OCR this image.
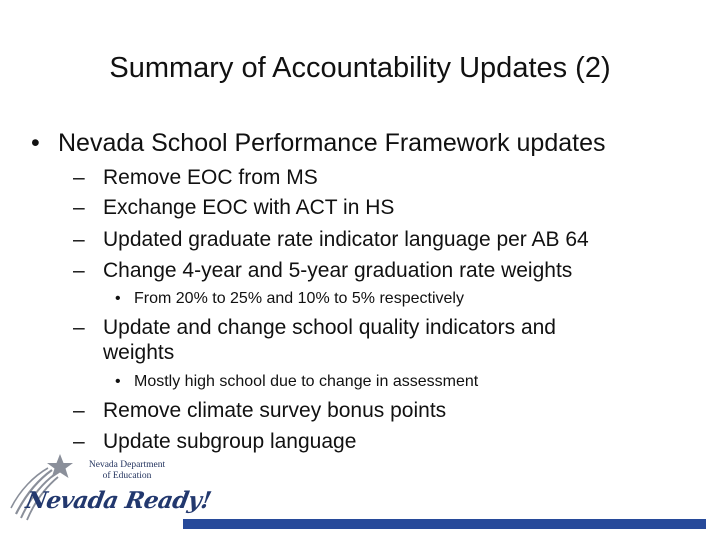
Summary of Accountability Updates (2)
• Nevada School Performance Framework updates
– Remove EOC from MS
– Exchange EOC with ACT in HS
– Updated graduate rate indicator language per AB 64
– Change 4-year and 5-year graduation rate weights
• From 20% to 25% and 10% to 5% respectively
– Update and change school quality indicators and
weights
• Mostly high school due to change in assessment
– Remove climate survey bonus points
– Update subgroup language
Nevada Department
of Education
Nevada Ready!
